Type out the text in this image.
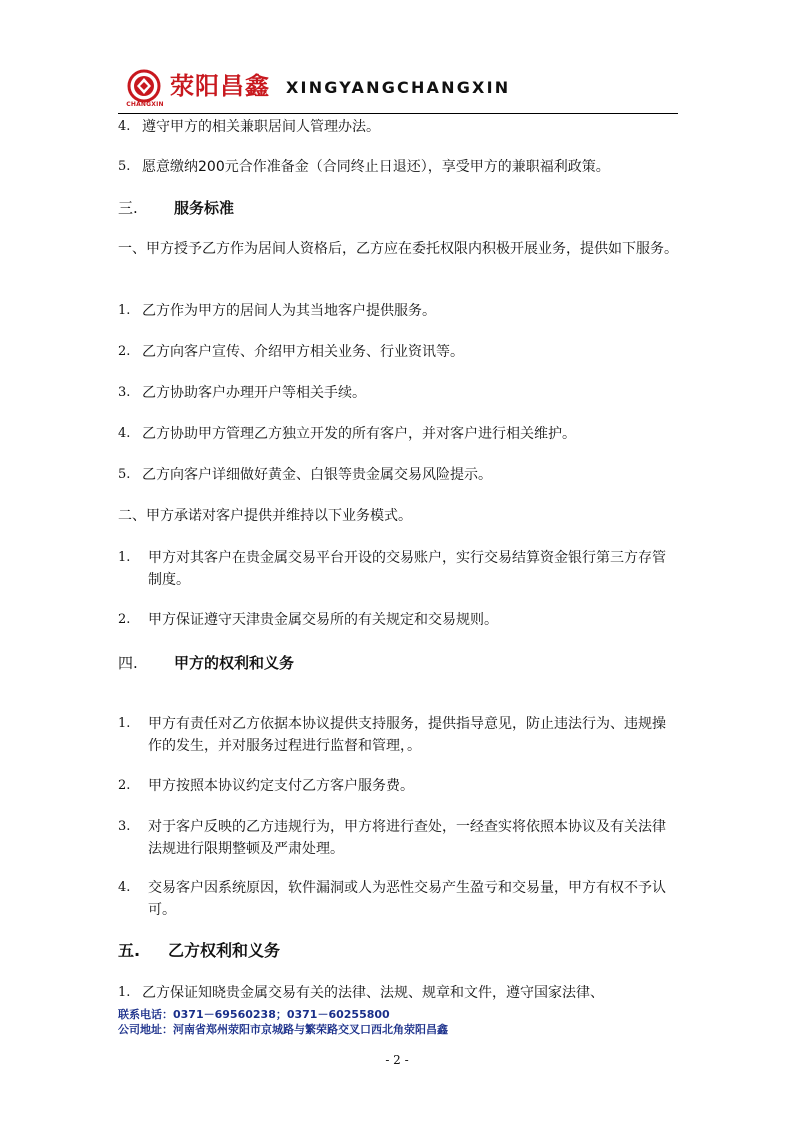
CHANGXIN
荥阳昌鑫 XINGYANGCHANGXIN
4. 遵守甲方的相关兼职居间人管理办法。
5. 愿意缴纳200元合作准备金（合同终止日退还），享受甲方的兼职福利政策。
三. 服务标准
一、甲方授予乙方作为居间人资格后，乙方应在委托权限内积极开展业务，提供如下服务。
1. 乙方作为甲方的居间人为其当地客户提供服务。
2. 乙方向客户宣传、介绍甲方相关业务、行业资讯等。
3. 乙方协助客户办理开户等相关手续。
4. 乙方协助甲方管理乙方独立开发的所有客户，并对客户进行相关维护。
5. 乙方向客户详细做好黄金、白银等贵金属交易风险提示。
二、甲方承诺对客户提供并维持以下业务模式。
1. 甲方对其客户在贵金属交易平台开设的交易账户，实行交易结算资金银行第三方存管制度。
2. 甲方保证遵守天津贵金属交易所的有关规定和交易规则。
四. 甲方的权利和义务
1. 甲方有责任对乙方依据本协议提供支持服务，提供指导意见，防止违法行为、违规操作的发生，并对服务过程进行监督和管理，。
2. 甲方按照本协议约定支付乙方客户服务费。
3. 对于客户反映的乙方违规行为，甲方将进行查处，一经查实将依照本协议及有关法律法规进行限期整顿及严肃处理。
4. 交易客户因系统原因，软件漏洞或人为恶性交易产生盈亏和交易量，甲方有权不予认可。
五. 乙方权利和义务
1. 乙方保证知晓贵金属交易有关的法律、法规、规章和文件，遵守国家法律、
联系电话：0371－69560238；0371－60255800
公司地址：河南省郑州荥阳市京城路与繁荣路交叉口西北角荥阳昌鑫
- 2 -
